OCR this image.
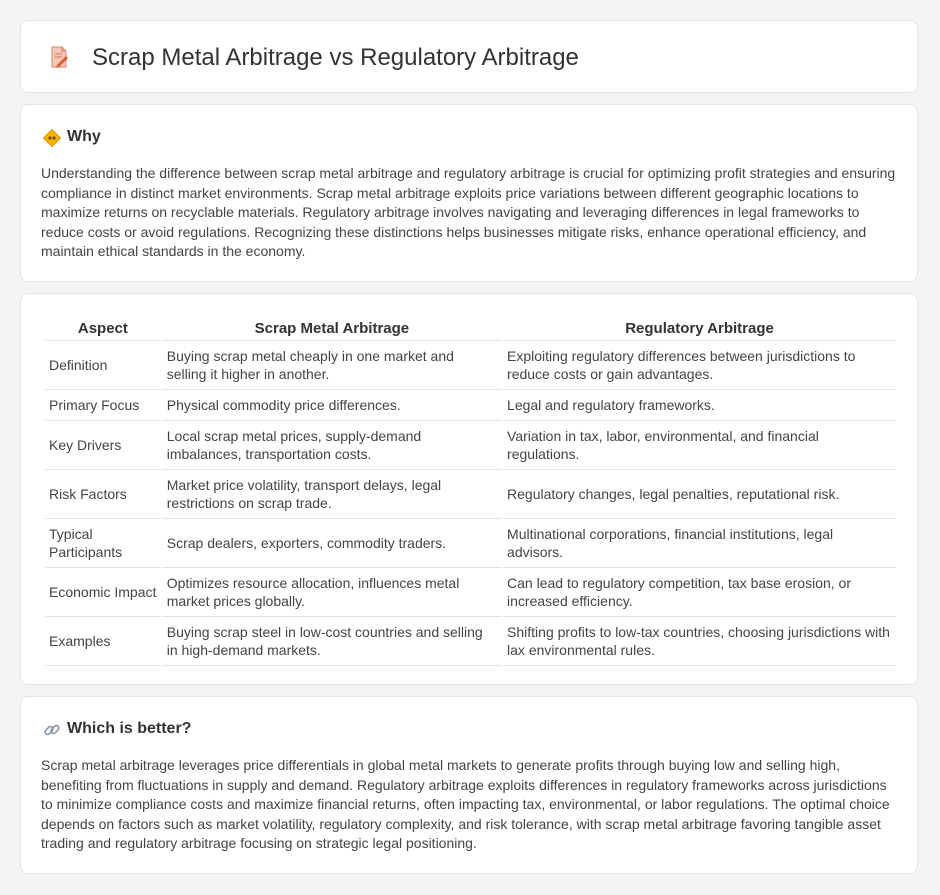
Scrap Metal Arbitrage vs Regulatory Arbitrage
Why

Understanding the difference between scrap metal arbitrage and regulatory arbitrage is crucial for optimizing profit strategies and ensuring compliance in distinct market environments. Scrap metal arbitrage exploits price variations between different geographic locations to maximize returns on recyclable materials. Regulatory arbitrage involves navigating and leveraging differences in legal frameworks to reduce costs or avoid regulations. Recognizing these distinctions helps businesses mitigate risks, enhance operational efficiency, and maintain ethical standards in the economy.

Aspect	Scrap Metal Arbitrage	Regulatory Arbitrage
Definition	Buying scrap metal cheaply in one market and selling it higher in another.	Exploiting regulatory differences between jurisdictions to reduce costs or gain advantages.
Primary Focus	Physical commodity price differences.	Legal and regulatory frameworks.
Key Drivers	Local scrap metal prices, supply-demand imbalances, transportation costs.	Variation in tax, labor, environmental, and financial regulations.
Risk Factors	Market price volatility, transport delays, legal restrictions on scrap trade.	Regulatory changes, legal penalties, reputational risk.
Typical Participants	Scrap dealers, exporters, commodity traders.	Multinational corporations, financial institutions, legal advisors.
Economic Impact	Optimizes resource allocation, influences metal market prices globally.	Can lead to regulatory competition, tax base erosion, or increased efficiency.
Examples	Buying scrap steel in low-cost countries and selling in high-demand markets.	Shifting profits to low-tax countries, choosing jurisdictions with lax environmental rules.
Which is better?

Scrap metal arbitrage leverages price differentials in global metal markets to generate profits through buying low and selling high, benefiting from fluctuations in supply and demand. Regulatory arbitrage exploits differences in regulatory frameworks across jurisdictions to minimize compliance costs and maximize financial returns, often impacting tax, environmental, or labor regulations. The optimal choice depends on factors such as market volatility, regulatory complexity, and risk tolerance, with scrap metal arbitrage favoring tangible asset trading and regulatory arbitrage focusing on strategic legal positioning.
